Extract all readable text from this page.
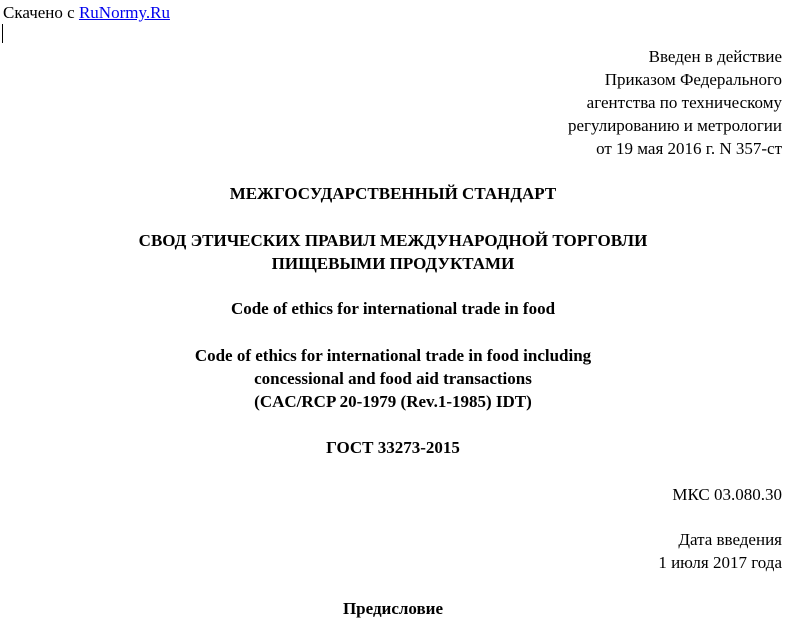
Скачено с RuNormy.Ru
Введен в действие
Приказом Федерального
агентства по техническому
регулированию и метрологии
от 19 мая 2016 г. N 357-ст
МЕЖГОСУДАРСТВЕННЫЙ СТАНДАРТ
СВОД ЭТИЧЕСКИХ ПРАВИЛ МЕЖДУНАРОДНОЙ ТОРГОВЛИ
ПИЩЕВЫМИ ПРОДУКТАМИ
Code of ethics for international trade in food
Code of ethics for international trade in food including
concessional and food aid transactions
(CAC/RCP 20-1979 (Rev.1-1985) IDT)
ГОСТ 33273-2015
МКС 03.080.30
Дата введения
1 июля 2017 года
Предисловие
